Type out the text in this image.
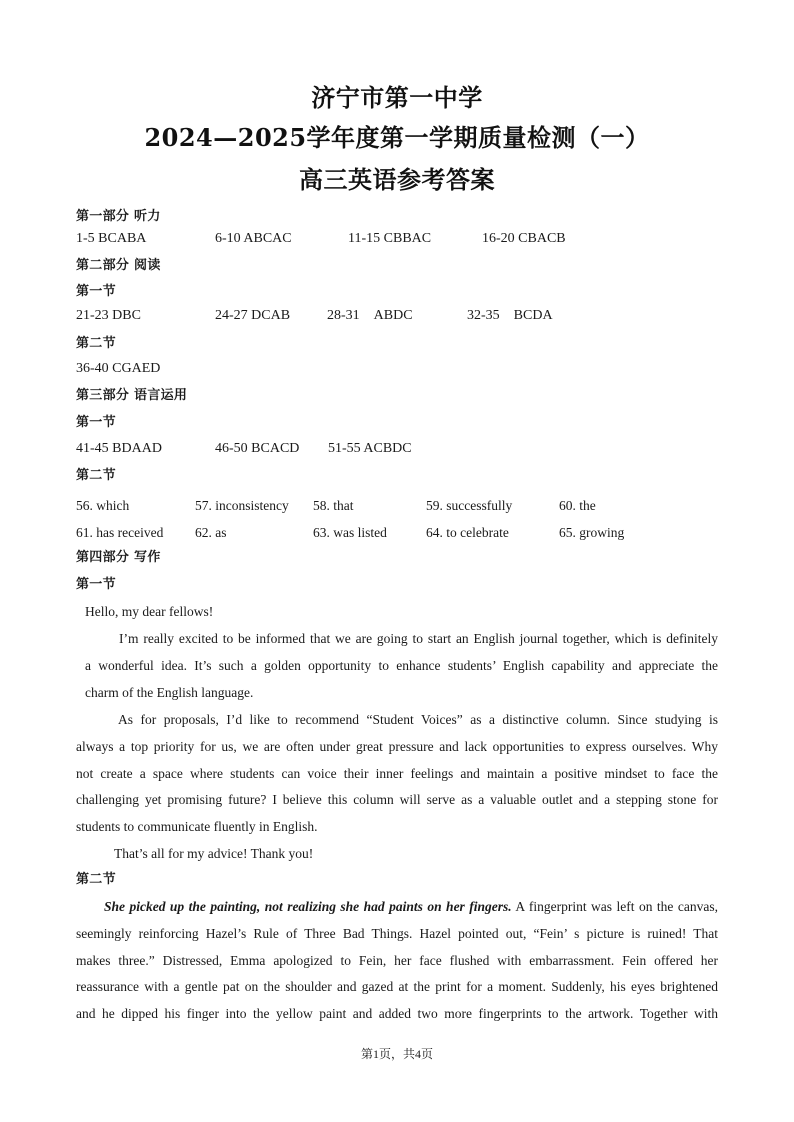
济宁市第一中学
2024—2025学年度第一学期质量检测（一）
高三英语参考答案
第一部分 听力
1-5 BCABA	6-10 ABCAC	11-15 CBBAC	16-20 CBACB
第二部分 阅读
第一节
21-23 DBC	24-27 DCAB	28-31　ABDC	32-35　BCDA
第二节
36-40 CGAED
第三部分 语言运用
第一节
41-45 BDAAD	46-50 BCACD 51-55 ACBDC
第二节
56. which	57. inconsistency 58. that	59. successfully	60. the
61. has received 62. as	63. was listed	64. to celebrate	65. growing
第四部分 写作
第一节
Hello, my dear fellows!
I’m really excited to be informed that we are going to start an English journal together, which is definitely
a wonderful idea. It’s such a golden opportunity to enhance students’ English capability and appreciate the
charm of the English language.
As for proposals, I’d like to recommend “Student Voices” as a distinctive column. Since studying is
always a top priority for us, we are often under great pressure and lack opportunities to express ourselves. Why
not create a space where students can voice their inner feelings and maintain a positive mindset to face the
challenging yet promising future? I believe this column will serve as a valuable outlet and a stepping stone for
students to communicate fluently in English.
That’s all for my advice! Thank you!
第二节
She picked up the painting, not realizing she had paints on her fingers. A fingerprint was left on the canvas,
seemingly reinforcing Hazel’s Rule of Three Bad Things. Hazel pointed out, “Fein’ s picture is ruined! That
makes three.” Distressed, Emma apologized to Fein, her face flushed with embarrassment. Fein offered her
reassurance with a gentle pat on the shoulder and gazed at the print for a moment. Suddenly, his eyes brightened
and he dipped his finger into the yellow paint and added two more fingerprints to the artwork. Together with
第1页，共4页
